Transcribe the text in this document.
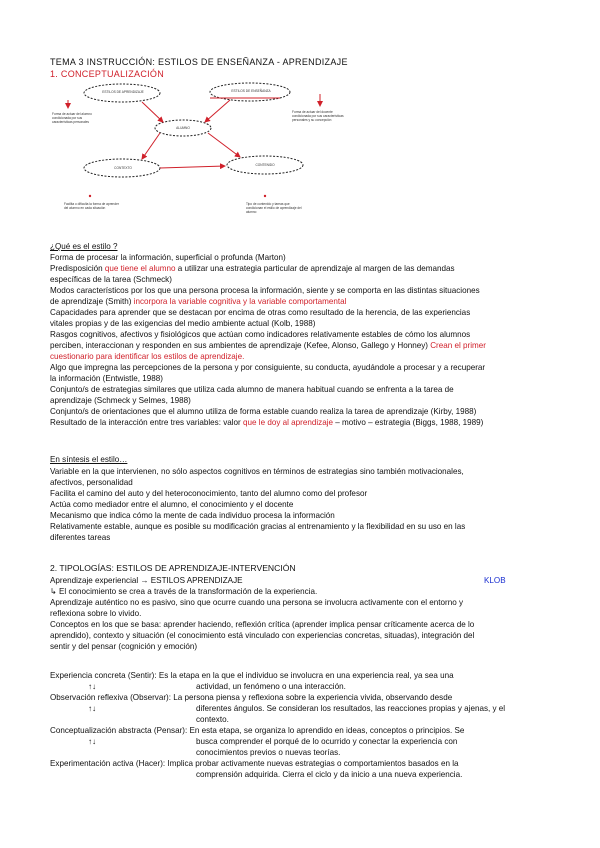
TEMA 3 INSTRUCCIÓN: ESTILOS DE ENSEÑANZA - APRENDIZAJE
1. CONCEPTUALIZACIÓN
ESTILOS DE APRENDIZAJE	ESTILOS DE ENSEÑANZA
ALUMNO
CONTEXTO
CONTENIDO
Forma de actuar del alumno condicionada por sus características personales
Forma de actuar del docente condicionada por sus características personales y su concepción
Facilita o dificulta la forma de aprender del alumno en cada situación
Tipo de contenido y tareas que condicionan el estilo de aprendizaje del alumno
¿Qué es el estilo ?
Forma de procesar la información, superficial o profunda (Marton)
Predisposición que tiene el alumno a utilizar una estrategia particular de aprendizaje al margen de las demandas
específicas de la tarea (Schmeck)
Modos característicos por los que una persona procesa la información, siente y se comporta en las distintas situaciones
de aprendizaje (Smith) incorpora la variable cognitiva y la variable comportamental
Capacidades para aprender que se destacan por encima de otras como resultado de la herencia, de las experiencias
vitales propias y de las exigencias del medio ambiente actual (Kolb, 1988)
Rasgos cognitivos, afectivos y fisiológicos que actúan como indicadores relativamente estables de cómo los alumnos
perciben, interaccionan y responden en sus ambientes de aprendizaje (Kefee, Alonso, Gallego y Honney) Crean el primer
cuestionario para identificar los estilos de aprendizaje.
Algo que impregna las percepciones de la persona y por consiguiente, su conducta, ayudándole a procesar y a recuperar
la información (Entwistle, 1988)
Conjunto/s de estrategias similares que utiliza cada alumno de manera habitual cuando se enfrenta a la tarea de
aprendizaje (Schmeck y Selmes, 1988)
Conjunto/s de orientaciones que el alumno utiliza de forma estable cuando realiza la tarea de aprendizaje (Kirby, 1988)
Resultado de la interacción entre tres variables: valor que le doy al aprendizaje – motivo – estrategia (Biggs, 1988, 1989)
En síntesis el estilo…
Variable en la que intervienen, no sólo aspectos cognitivos en términos de estrategias sino también motivacionales,
afectivos, personalidad
Facilita el camino del auto y del heteroconocimiento, tanto del alumno como del profesor
Actúa como mediador entre el alumno, el conocimiento y el docente
Mecanismo que indica cómo la mente de cada individuo procesa la información
Relativamente estable, aunque es posible su modificación gracias al entrenamiento y la flexibilidad en su uso en las
diferentes tareas
2. TIPOLOGÍAS: ESTILOS DE APRENDIZAJE-INTERVENCIÓN
Aprendizaje experiencial → ESTILOS APRENDIZAJE	KLOB
↳ El conocimiento se crea a través de la transformación de la experiencia.
Aprendizaje auténtico no es pasivo, sino que ocurre cuando una persona se involucra activamente con el entorno y
reflexiona sobre lo vivido.
Conceptos en los que se basa: aprender haciendo, reflexión crítica (aprender implica pensar críticamente acerca de lo
aprendido), contexto y situación (el conocimiento está vinculado con experiencias concretas, situadas), integración del
sentir y del pensar (cognición y emoción)
Experiencia concreta (Sentir): Es la etapa en la que el individuo se involucra en una experiencia real, ya sea una
↑↓	actividad, un fenómeno o una interacción.
Observación reflexiva (Observar): La persona piensa y reflexiona sobre la experiencia vivida, observando desde
↑↓	diferentes ángulos. Se consideran los resultados, las reacciones propias y ajenas, y el
contexto.
Conceptualización abstracta (Pensar): En esta etapa, se organiza lo aprendido en ideas, conceptos o principios. Se
↑↓	busca comprender el porqué de lo ocurrido y conectar la experiencia con
conocimientos previos o nuevas teorías.
Experimentación activa (Hacer): Implica probar activamente nuevas estrategias o comportamientos basados en la
comprensión adquirida. Cierra el ciclo y da inicio a una nueva experiencia.
